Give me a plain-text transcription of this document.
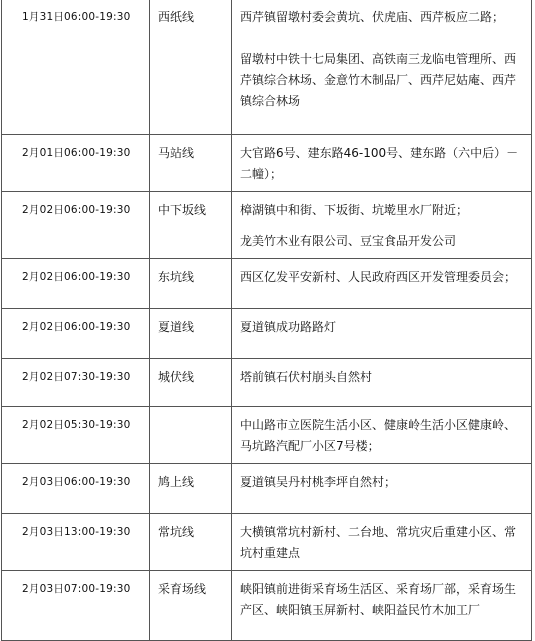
1月31日06:00-19:30	西纸线	西芹镇留墩村委会黄坑、伏虎庙、西芹板应二路；
留墩村中铁十七局集团、高铁南三龙临电管理所、西芹镇综合林场、金意竹木制品厂、西芹尼姑庵、西芹镇综合林场

2月01日06:00-19:30	马站线	大官路6号、建东路46-100号、建东路（六中后）－二幢）；

2月02日06:00-19:30	中下坂线	樟湖镇中和街、下坂街、坑墘里水厂附近；
龙美竹木业有限公司、豆宝食品开发公司

2月02日06:00-19:30	东坑线	西区亿发平安新村、人民政府西区开发管理委员会；

2月02日06:00-19:30	夏道线	夏道镇成功路路灯

2月02日07:30-19:30	城伏线	塔前镇石伏村崩头自然村

2月02日05:30-19:30		中山路市立医院生活小区、健康岭生活小区健康岭、马坑路汽配厂小区7号楼；

2月03日06:00-19:30	鸠上线	夏道镇吴丹村桃李坪自然村；

2月03日13:00-19:30	常坑线	大横镇常坑村新村、二台地、常坑灾后重建小区、常坑村重建点

2月03日07:00-19:30	采育场线	峡阳镇前进街采育场生活区、采育场厂部，采育场生产区、峡阳镇玉屏新村、峡阳益民竹木加工厂
